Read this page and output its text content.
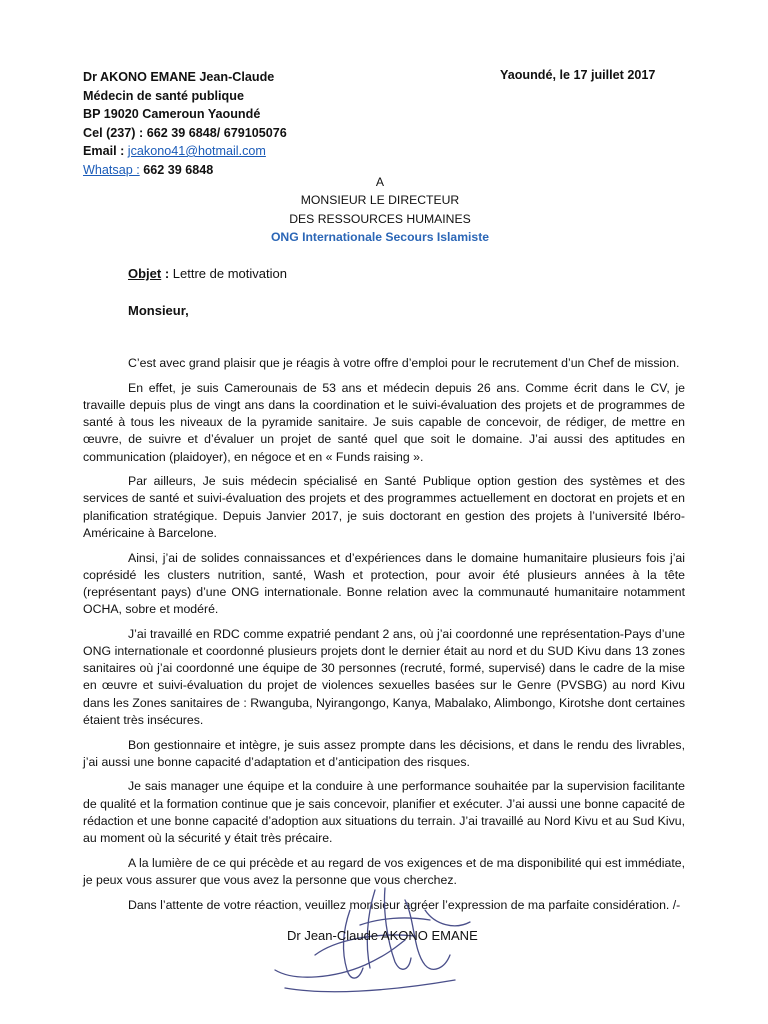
Dr AKONO EMANE Jean-Claude
Médecin de santé publique
BP 19020 Cameroun Yaoundé
Cel (237) : 662 39 6848/ 679105076
Email : jcakono41@hotmail.com
Whatsap : 662 39 6848
Yaoundé, le 17 juillet 2017
A
MONSIEUR LE DIRECTEUR
DES RESSOURCES HUMAINES
ONG Internationale Secours Islamiste
Objet : Lettre de motivation
Monsieur,

C’est avec grand plaisir que je réagis à votre offre d’emploi pour le recrutement d’un Chef de mission.

En effet, je suis Camerounais de 53 ans et médecin depuis 26 ans. Comme écrit dans le CV, je travaille depuis plus de vingt ans dans la coordination et le suivi-évaluation des projets et de programmes de santé à tous les niveaux de la pyramide sanitaire. Je suis capable de concevoir, de rédiger, de mettre en œuvre, de suivre et d’évaluer un projet de santé quel que soit le domaine. J’ai aussi des aptitudes en communication (plaidoyer), en négoce et en « Funds raising ».

Par ailleurs, Je suis médecin spécialisé en Santé Publique option gestion des systèmes et des services de santé et suivi-évaluation des projets et des programmes actuellement en doctorat en projets et en planification stratégique. Depuis Janvier 2017, je suis doctorant en gestion des projets à l’université Ibéro-Américaine à Barcelone.

Ainsi, j’ai de solides connaissances et d’expériences dans le domaine humanitaire plusieurs fois j’ai coprésidé les clusters nutrition, santé, Wash et protection, pour avoir été plusieurs années à la tête (représentant pays) d’une ONG internationale. Bonne relation avec la communauté humanitaire notamment OCHA, sobre et modéré.

J’ai travaillé en RDC comme expatrié pendant 2 ans, où j’ai coordonné une représentation-Pays d’une ONG internationale et coordonné plusieurs projets dont le dernier était au nord et du SUD Kivu dans 13 zones sanitaires où j’ai coordonné une équipe de 30 personnes (recruté, formé, supervisé) dans le cadre de la mise en œuvre et suivi-évaluation du projet de violences sexuelles basées sur le Genre (PVSBG) au nord Kivu dans les Zones sanitaires de : Rwanguba, Nyirangongo, Kanya, Mabalako, Alimbongo, Kirotshe dont certaines étaient très insécures.

Bon gestionnaire et intègre, je suis assez prompte dans les décisions, et dans le rendu des livrables, j’ai aussi une bonne capacité d’adaptation et d’anticipation des risques.

Je sais manager une équipe et la conduire à une performance souhaitée par la supervision facilitante de qualité et la formation continue que je sais concevoir, planifier et exécuter. J’ai aussi une bonne capacité de rédaction et une bonne capacité d’adoption aux situations du terrain. J’ai travaillé au Nord Kivu et au Sud Kivu, au moment où la sécurité y était très précaire.

A la lumière de ce qui précède et au regard de vos exigences et de ma disponibilité qui est immédiate, je peux vous assurer que vous avez la personne que vous cherchez.

Dans l’attente de votre réaction, veuillez monsieur agréer l’expression de ma parfaite considération. /-

Dr Jean-Claude AKONO EMANE
